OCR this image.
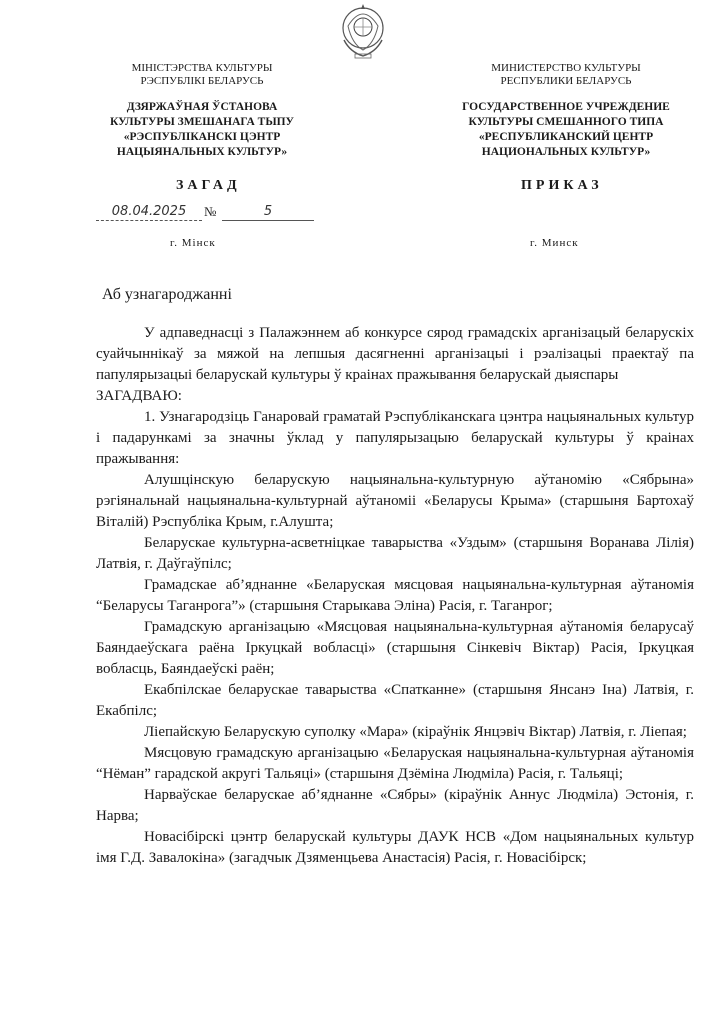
МІНІСТЭРСТВА КУЛЬТУРЫ
РЭСПУБЛІКІ БЕЛАРУСЬ
ДЗЯРЖАЎНАЯ ЎСТАНОВА
КУЛЬТУРЫ ЗМЕШАНАГА ТЫПУ
«РЭСПУБЛІКАНСКІ ЦЭНТР
НАЦЫЯНАЛЬНЫХ КУЛЬТУР»
МИНИСТЕРСТВО КУЛЬТУРЫ
РЕСПУБЛИКИ БЕЛАРУСЬ
ГОСУДАРСТВЕННОЕ УЧРЕЖДЕНИЕ
КУЛЬТУРЫ СМЕШАННОГО ТИПА
«РЕСПУБЛИКАНСКИЙ ЦЕНТР
НАЦИОНАЛЬНЫХ КУЛЬТУР»
ЗАГАД	ПРИКАЗ
08.04.2025	№	5
г. Мінск	г. Минск
Аб узнагароджанні

У адпаведнасці з Палажэннем аб конкурсе сярод грамадскіх арганізацый беларускіх суайчыннікаў за мяжой на лепшыя дасягненні арганізацыі і рэалізацыі праектаў па папулярызацыі беларускай культуры ў краінах пражывання беларускай дыяспары

ЗАГАДВАЮ:

1. Узнагародзіць Ганаровай граматай Рэспубліканскага цэнтра нацыянальных культур і падарункамі за значны ўклад у папулярызацыю беларускай культуры ў краінах пражывання:

Алушцінскую беларускую нацыянальна-культурную аўтаномію «Сябрына» рэгіянальнай нацыянальна-культурнай аўтаноміі «Беларусы Крыма» (старшыня Бартохаў Віталій) Рэспубліка Крым, г.Алушта;

Беларускае культурна-асветніцкае таварыства «Уздым» (старшыня Воранава Лілія) Латвія, г. Даўгаўпілс;

Грамадскае аб’яднанне «Беларуская мясцовая нацыянальна-культурная аўтаномія “Беларусы Таганрога”» (старшыня Старыкава Эліна) Расія, г. Таганрог;

Грамадскую арганізацыю «Мясцовая нацыянальна-культурная аўтаномія беларусаў Баяндаеўскага раёна Іркуцкай вобласці» (старшыня Сінкевіч Віктар) Расія, Іркуцкая вобласць, Баяндаеўскі раён;

Екабпілскае беларускае таварыства «Спатканне» (старшыня Янсанэ Іна) Латвія, г. Екабпілс;

Ліепайскую Беларускую суполку «Мара» (кіраўнік Янцэвіч Віктар) Латвія, г. Ліепая;

Мясцовую грамадскую арганізацыю «Беларуская нацыянальна-культурная аўтаномія “Нёман” гарадской акругі Тальяці» (старшыня Дзёміна Людміла) Расія, г. Тальяці;

Нарваўскае беларускае аб’яднанне «Сябры» (кіраўнік Аннус Людміла) Эстонія, г. Нарва;

Новасібірскі цэнтр беларускай культуры ДАУК НСВ «Дом нацыянальных культур імя Г.Д. Завалокіна» (загадчык Дзяменцьева Анастасія) Расія, г. Новасібірск;
